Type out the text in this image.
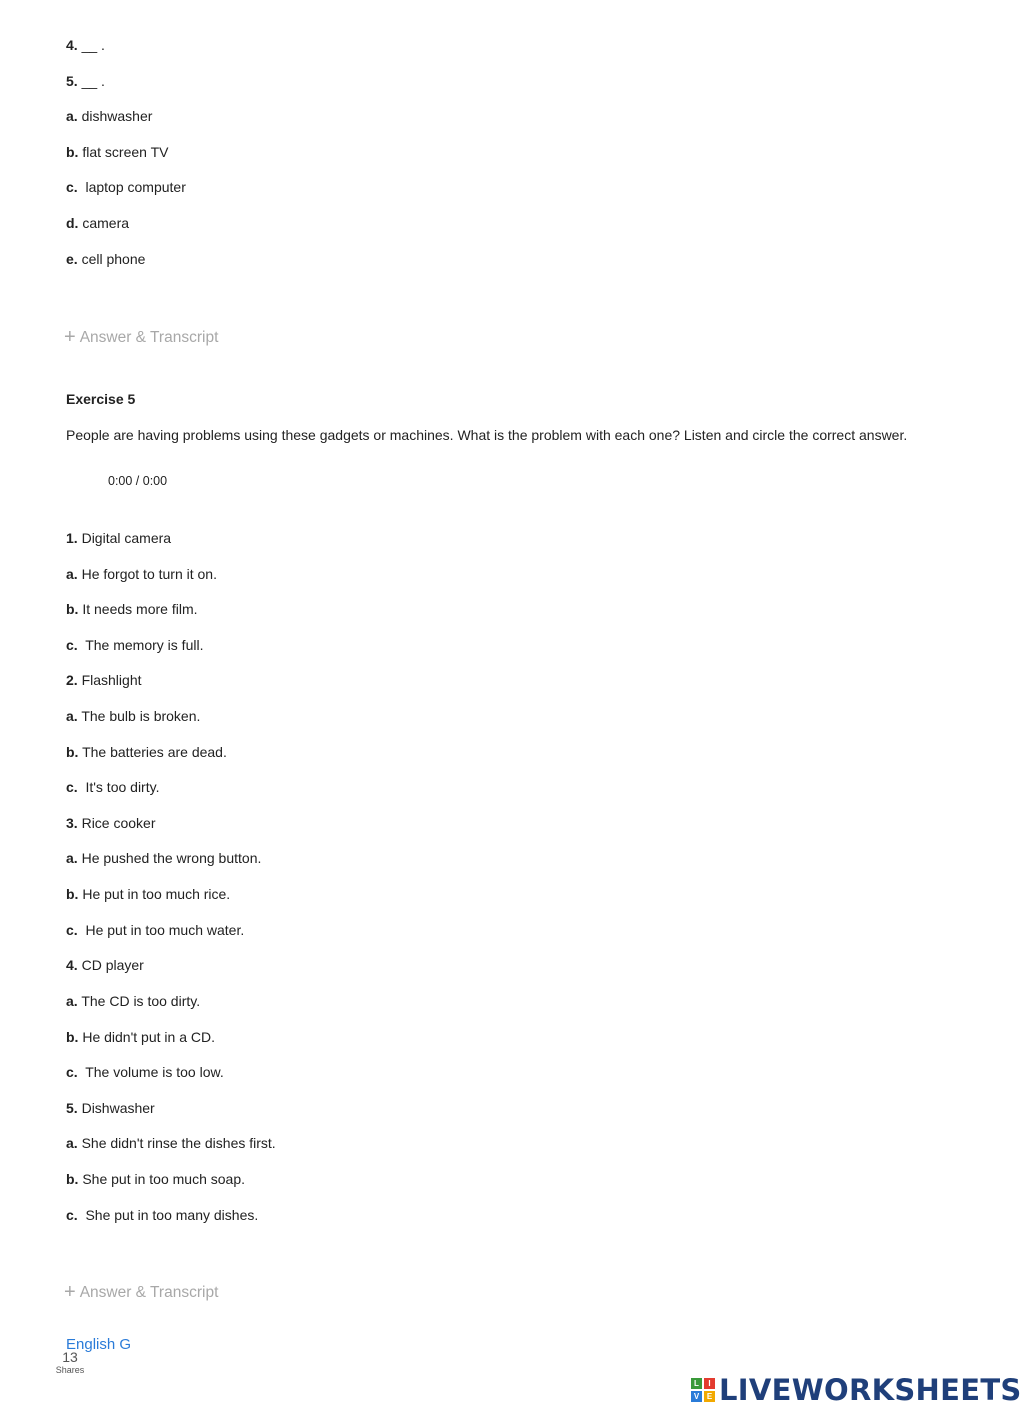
4. __ .
5. __ .
a. dishwasher
b. flat screen TV
c.  laptop computer
d. camera
e. cell phone
+ Answer & Transcript
Exercise 5
People are having problems using these gadgets or machines. What is the problem with each one? Listen and circle the correct answer.
0:00 / 0:00
1. Digital camera
a. He forgot to turn it on.
b. It needs more film.
c.  The memory is full.
2. Flashlight
a. The bulb is broken.
b. The batteries are dead.
c.  It's too dirty.
3. Rice cooker
a. He pushed the wrong button.
b. He put in too much rice.
c.  He put in too much water.
4. CD player
a. The CD is too dirty.
b. He didn't put in a CD.
c.  The volume is too low.
5. Dishwasher
a. She didn't rinse the dishes first.
b. She put in too much soap.
c.  She put in too many dishes.
+ Answer & Transcript
English G
13
Shares
L	I
V E LIVEWORKSHEETS
